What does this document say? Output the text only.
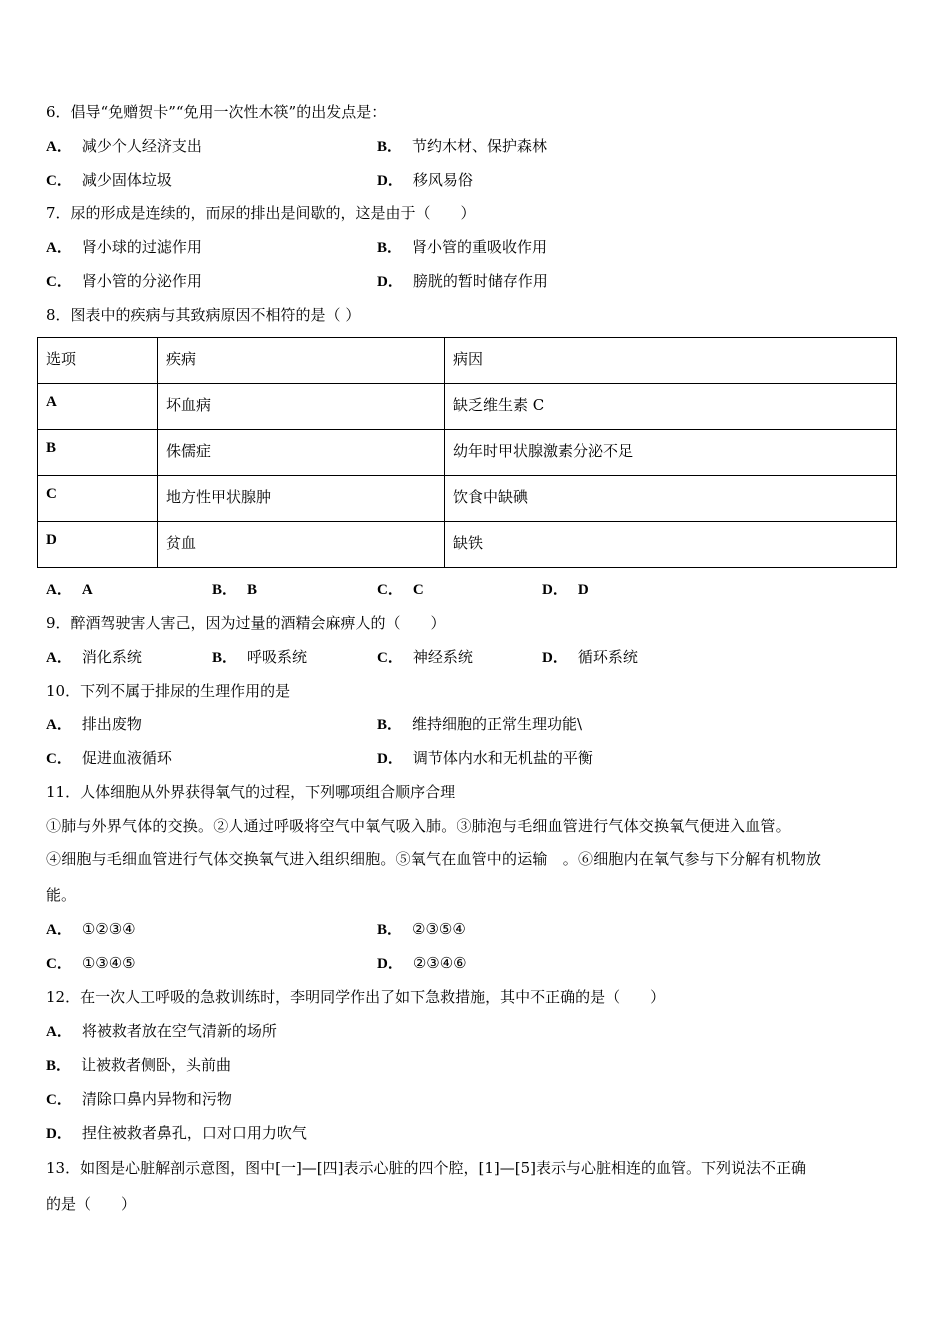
6．倡导“免赠贺卡”“免用一次性木筷”的出发点是：
A． 减少个人经济支出	B． 节约木材、保护森林
C． 减少固体垃圾	D． 移风易俗
7．尿的形成是连续的，而尿的排出是间歇的，这是由于（　　）
A． 肾小球的过滤作用	B． 肾小管的重吸收作用
C． 肾小管的分泌作用	D． 膀胱的暂时储存作用
8．图表中的疾病与其致病原因不相符的是（ ）
选项	疾病	病因
A	坏血病	缺乏维生素 C
B	侏儒症	幼年时甲状腺激素分泌不足
C	地方性甲状腺肿	饮食中缺碘
D	贫血	缺铁
A． A	B． B	C． C	D． D
9．醉酒驾驶害人害己，因为过量的酒精会麻痹人的（　　）
A． 消化系统	B． 呼吸系统	C． 神经系统	D． 循环系统
10．下列不属于排尿的生理作用的是
A． 排出废物	B． 维持细胞的正常生理功能\
C． 促进血液循环	D． 调节体内水和无机盐的平衡
11．人体细胞从外界获得氧气的过程，下列哪项组合顺序合理
①肺与外界气体的交换。②人通过呼吸将空气中氧气吸入肺。③肺泡与毛细血管进行气体交换氧气便进入血管。
④细胞与毛细血管进行气体交换氧气进入组织细胞。⑤氧气在血管中的运输　。⑥细胞内在氧气参与下分解有机物放
能。
A． ①②③④	B． ②③⑤④
C． ①③④⑤	D． ②③④⑥
12．在一次人工呼吸的急救训练时，李明同学作出了如下急救措施，其中不正确的是（　　）
A． 将被救者放在空气清新的场所
B． 让被救者侧卧，头前曲
C． 清除口鼻内异物和污物
D． 捏住被救者鼻孔，口对口用力吹气
13．如图是心脏解剖示意图，图中[一]—[四]表示心脏的四个腔，[1]—[5]表示与心脏相连的血管。下列说法不正确
的是（　　）
